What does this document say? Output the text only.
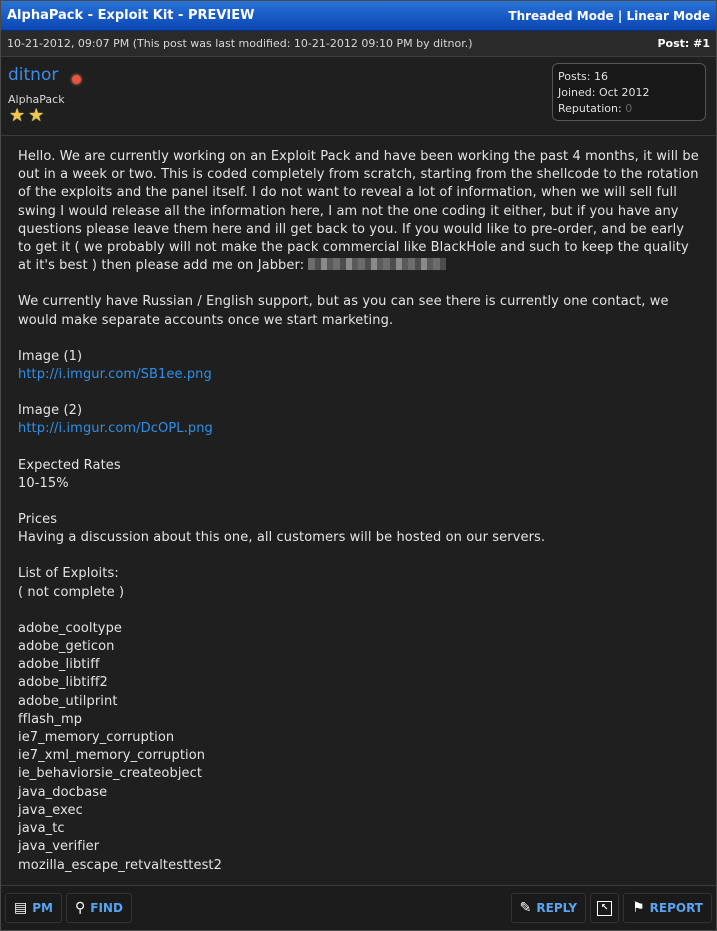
AlphaPack - Exploit Kit - PREVIEW	Threaded Mode | Linear Mode
10-21-2012, 09:07 PM (This post was last modified: 10-21-2012 09:10 PM by ditnor.)	Post: #1
ditnor
AlphaPack
★ ★
Posts: 16
Joined: Oct 2012
Reputation: 0

Hello. We are currently working on an Exploit Pack and have been working the past 4 months, it will be out in a week or two. This is coded completely from scratch, starting from the shellcode to the rotation of the exploits and the panel itself. I do not want to reveal a lot of information, when we will sell full swing I would release all the information here, I am not the one coding it either, but if you have any questions please leave them here and ill get back to you. If you would like to pre-order, and be early to get it ( we probably will not make the pack commercial like BlackHole and such to keep the quality at it's best ) then please add me on Jabber:

We currently have Russian / English support, but as you can see there is currently one contact, we would make separate accounts once we start marketing.

Image (1)
http://i.imgur.com/SB1ee.png

Image (2)
http://i.imgur.com/DcOPL.png

Expected Rates
10-15%

Prices
Having a discussion about this one, all customers will be hosted on our servers.

List of Exploits:
( not complete )

adobe_cooltype
adobe_geticon
adobe_libtiff
adobe_libtiff2
adobe_utilprint
fflash_mp
ie7_memory_corruption
ie7_xml_memory_corruption
ie_behaviorsie_createobject
java_docbase
java_exec
java_tc
java_verifier
mozilla_escape_retvaltesttest2
▤ PM ⚲ FIND	✎ REPLY	↖ ⚑ REPORT
